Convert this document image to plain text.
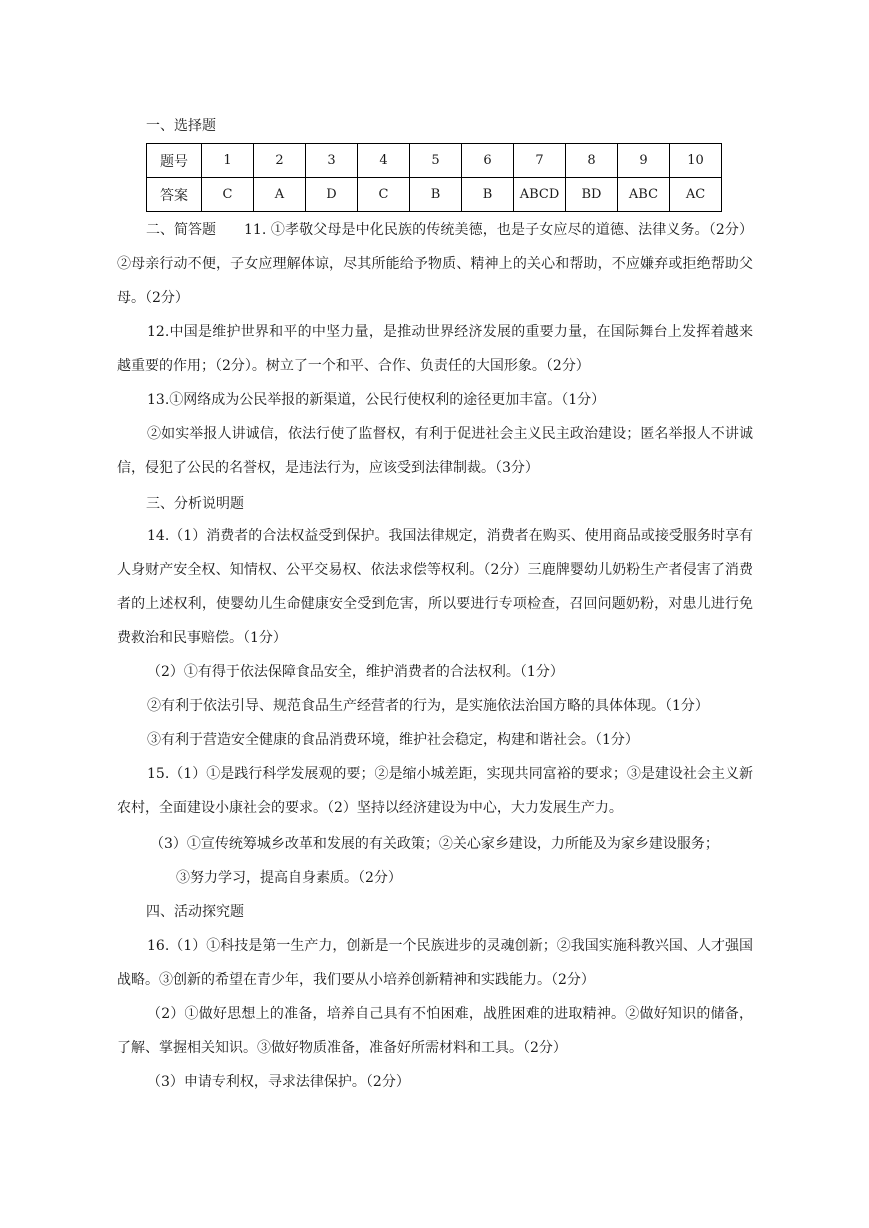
一、选择题
题号	1	2	3	4	5	6	7	8	9	10
答案	C	A	D	C	B	B	ABCD	BD	ABC	AC
二、简答题	11. ①孝敬父母是中化民族的传统美德，也是子女应尽的道德、法律义务。（2分）②母亲行动不便，子女应理解体谅，尽其所能给予物质、精神上的关心和帮助，不应嫌弃或拒绝帮助父母。（2分）

12.中国是维护世界和平的中坚力量，是推动世界经济发展的重要力量，在国际舞台上发挥着越来越重要的作用；（2分）。树立了一个和平、合作、负责任的大国形象。（2分）

13.①网络成为公民举报的新渠道，公民行使权利的途径更加丰富。（1分）

②如实举报人讲诚信，依法行使了监督权，有利于促进社会主义民主政治建设；匿名举报人不讲诚信，侵犯了公民的名誉权，是违法行为，应该受到法律制裁。（3分）

三、分析说明题

14.（1）消费者的合法权益受到保护。我国法律规定，消费者在购买、使用商品或接受服务时享有人身财产安全权、知情权、公平交易权、依法求偿等权利。（2分）三鹿牌婴幼儿奶粉生产者侵害了消费者的上述权利，使婴幼儿生命健康安全受到危害，所以要进行专项检查，召回问题奶粉，对患儿进行免费救治和民事赔偿。（1分）

（2）①有得于依法保障食品安全，维护消费者的合法权利。（1分）

②有利于依法引导、规范食品生产经营者的行为，是实施依法治国方略的具体体现。（1分）

③有利于营造安全健康的食品消费环境，维护社会稳定，构建和谐社会。（1分）

15.（1）①是践行科学发展观的要；②是缩小城差距，实现共同富裕的要求；③是建设社会主义新农村，全面建设小康社会的要求。（2）坚持以经济建设为中心，大力发展生产力。

（3）①宣传统筹城乡改革和发展的有关政策；②关心家乡建设，力所能及为家乡建设服务；
③努力学习，提高自身素质。（2分）
四、活动探究题

16.（1）①科技是第一生产力，创新是一个民族进步的灵魂创新；②我国实施科教兴国、人才强国战略。③创新的希望在青少年，我们要从小培养创新精神和实践能力。（2分）

（2）①做好思想上的准备，培养自己具有不怕困难，战胜困难的进取精神。②做好知识的储备，了解、掌握相关知识。③做好物质准备，准备好所需材料和工具。（2分）

（3）申请专利权，寻求法律保护。（2分）
